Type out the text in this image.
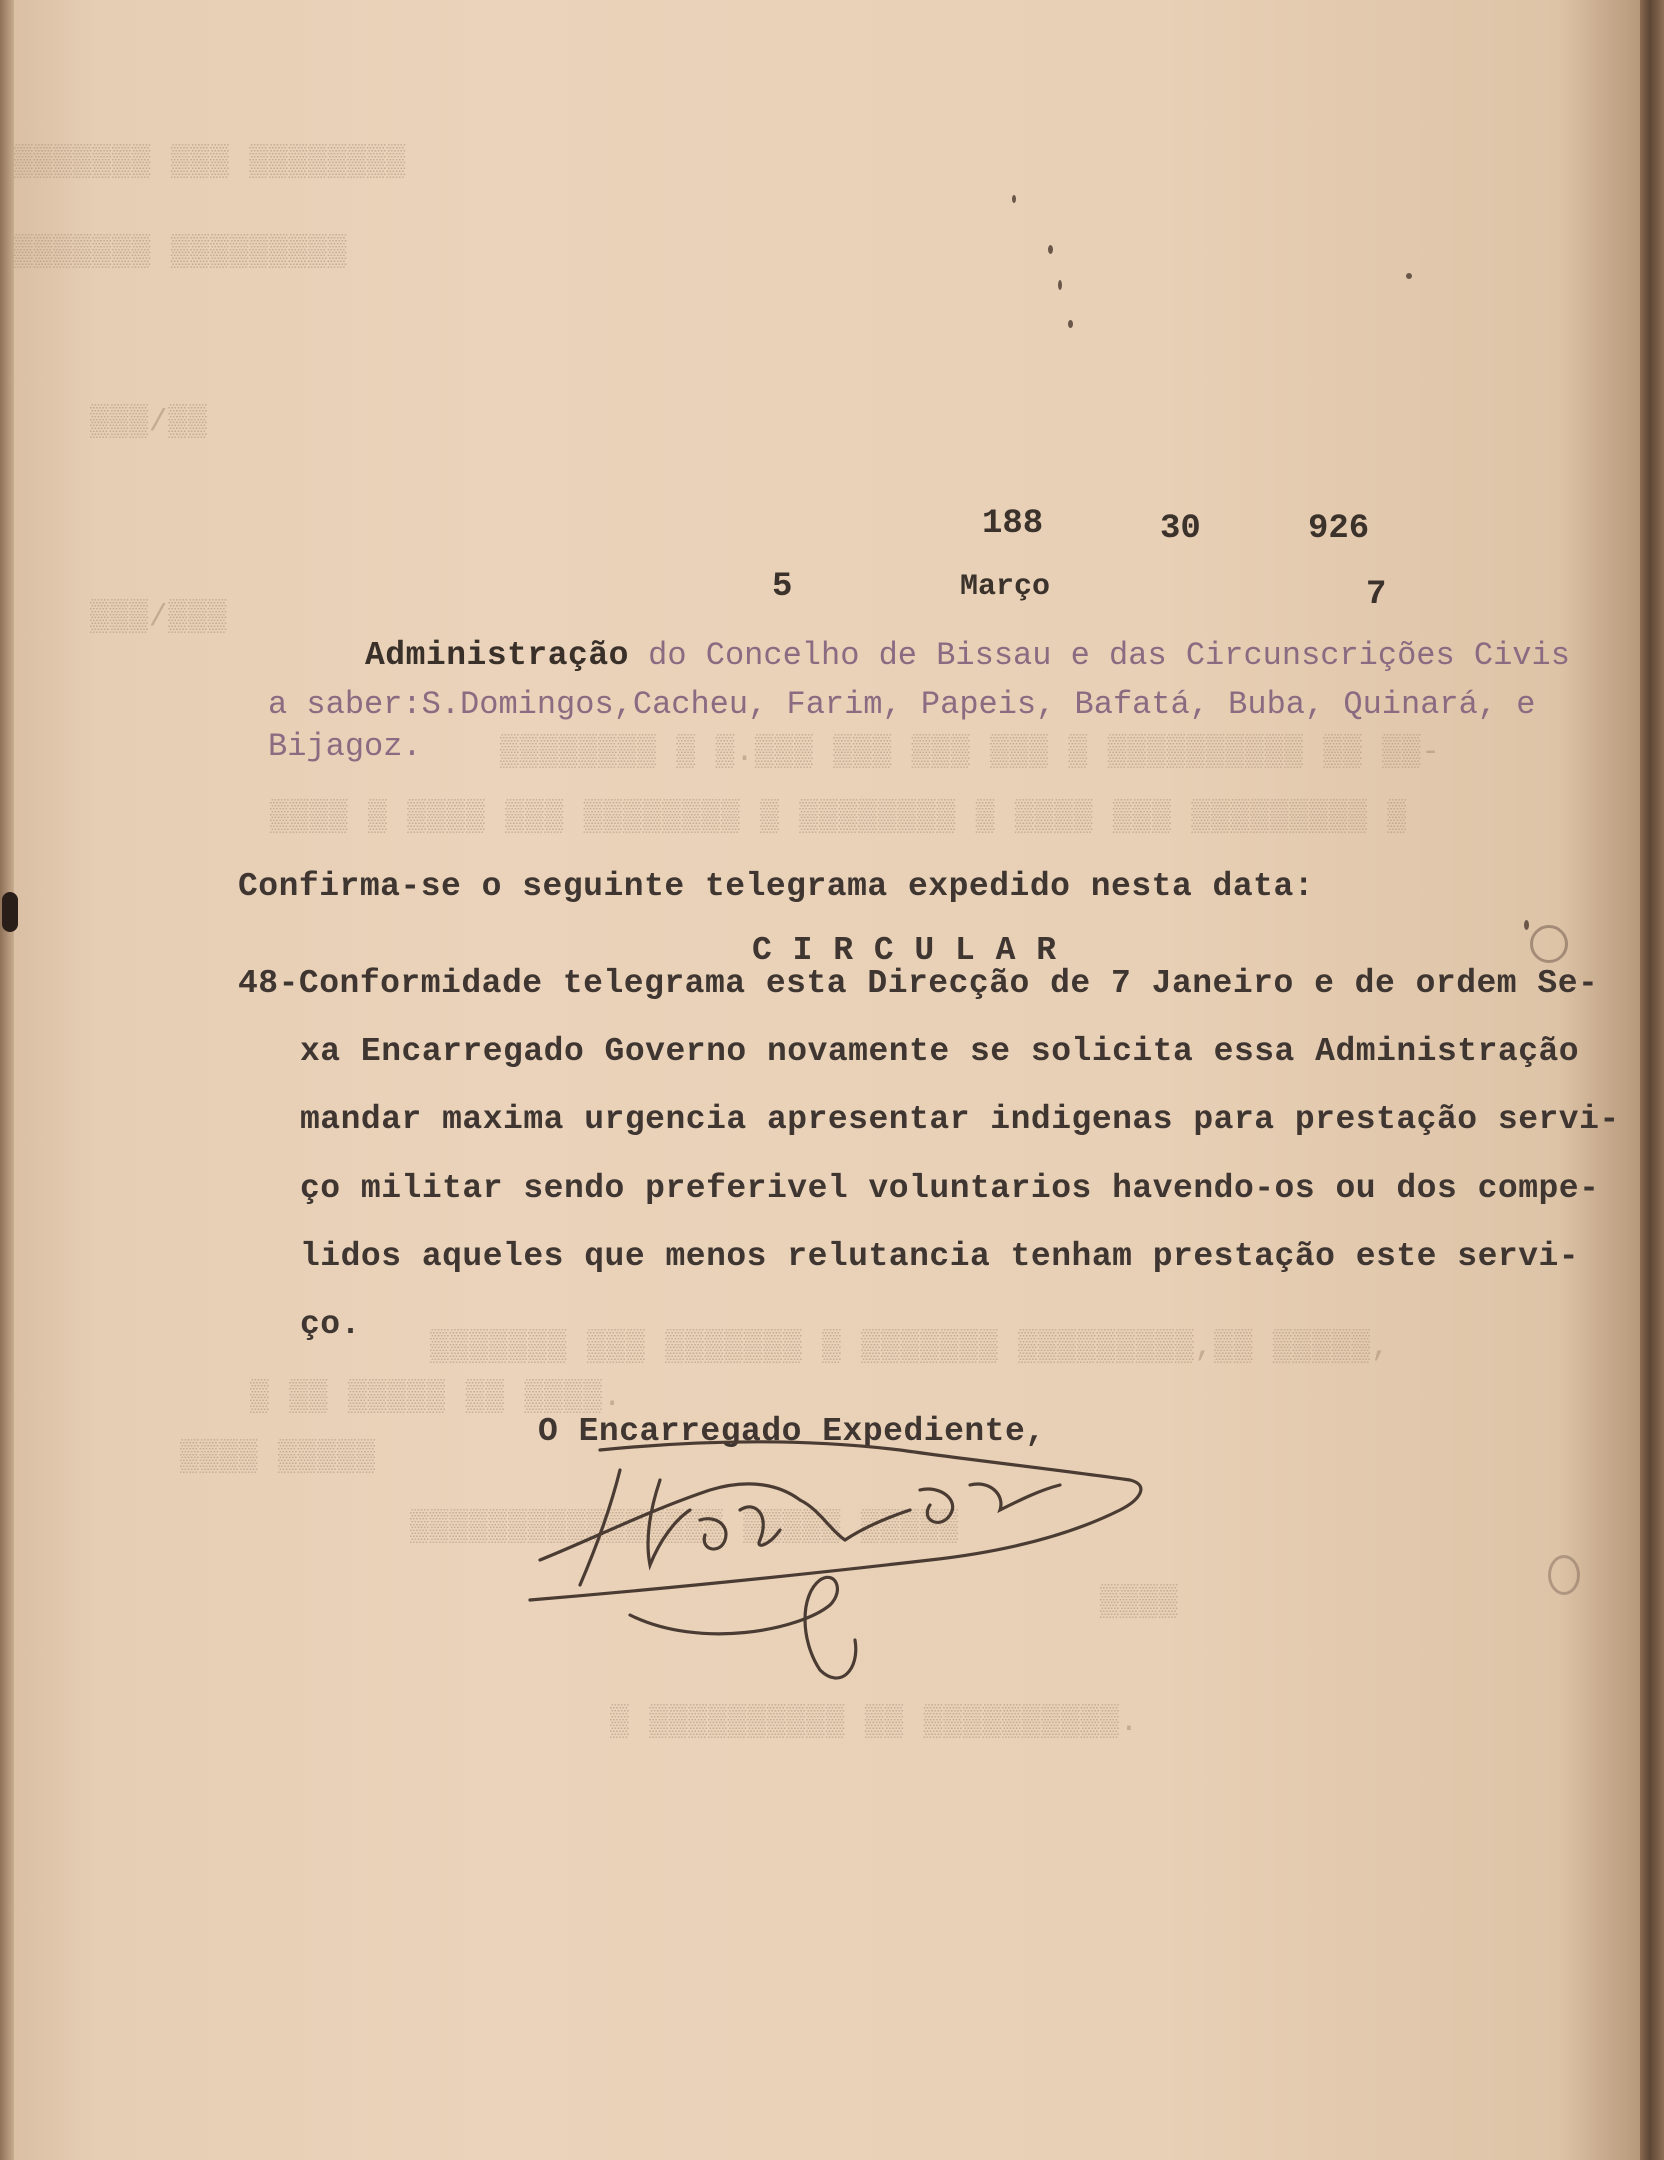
▒▒▒▒▒▒▒ ▒▒▒ ▒▒▒▒▒▒▒▒
▒▒▒▒▒▒▒ ▒▒▒▒▒▒▒▒▒
▒▒▒/▒▒
▒▒▒/▒▒▒
▒▒▒▒▒▒▒▒ ▒ ▒.▒▒▒ ▒▒▒ ▒▒▒ ▒▒▒ ▒ ▒▒▒▒▒▒▒▒▒▒ ▒▒ ▒▒-
▒▒▒▒ ▒ ▒▒▒▒ ▒▒▒ ▒▒▒▒▒▒▒▒ ▒ ▒▒▒▒▒▒▒▒ ▒ ▒▒▒▒ ▒▒▒ ▒▒▒▒▒▒▒▒▒ ▒
▒▒▒▒▒▒▒ ▒▒▒ ▒▒▒▒▒▒▒ ▒ ▒▒▒▒▒▒▒ ▒▒▒▒▒▒▒▒▒,▒▒ ▒▒▒▒▒,
▒ ▒▒ ▒▒▒▒▒ ▒▒ ▒▒▒▒.
▒▒▒▒ ▒▒▒▒▒
▒▒▒▒▒▒▒▒▒▒▒▒▒▒▒▒ ▒▒▒▒▒ ▒▒▒▒▒
▒▒▒▒
▒ ▒▒▒▒▒▒▒▒▒▒ ▒▒ ▒▒▒▒▒▒▒▒▒▒.
188	30	926
5	Março	7
Administração do Concelho de Bissau e das Circunscrições Civis
a saber:S.Domingos,Cacheu, Farim, Papeis, Bafatá, Buba, Quinará, e
Bijagoz.
Confirma-se o seguinte telegrama expedido nesta data:
C I R C U L A R
48-Conformidade telegrama esta Direcção de 7 Janeiro e de ordem Se-
xa Encarregado Governo novamente se solicita essa Administração
mandar maxima urgencia apresentar indigenas para prestação servi-
ço militar sendo preferivel voluntarios havendo-os ou dos compe-
lidos aqueles que menos relutancia tenham prestação este servi-
ço.
O Encarregado Expediente,
